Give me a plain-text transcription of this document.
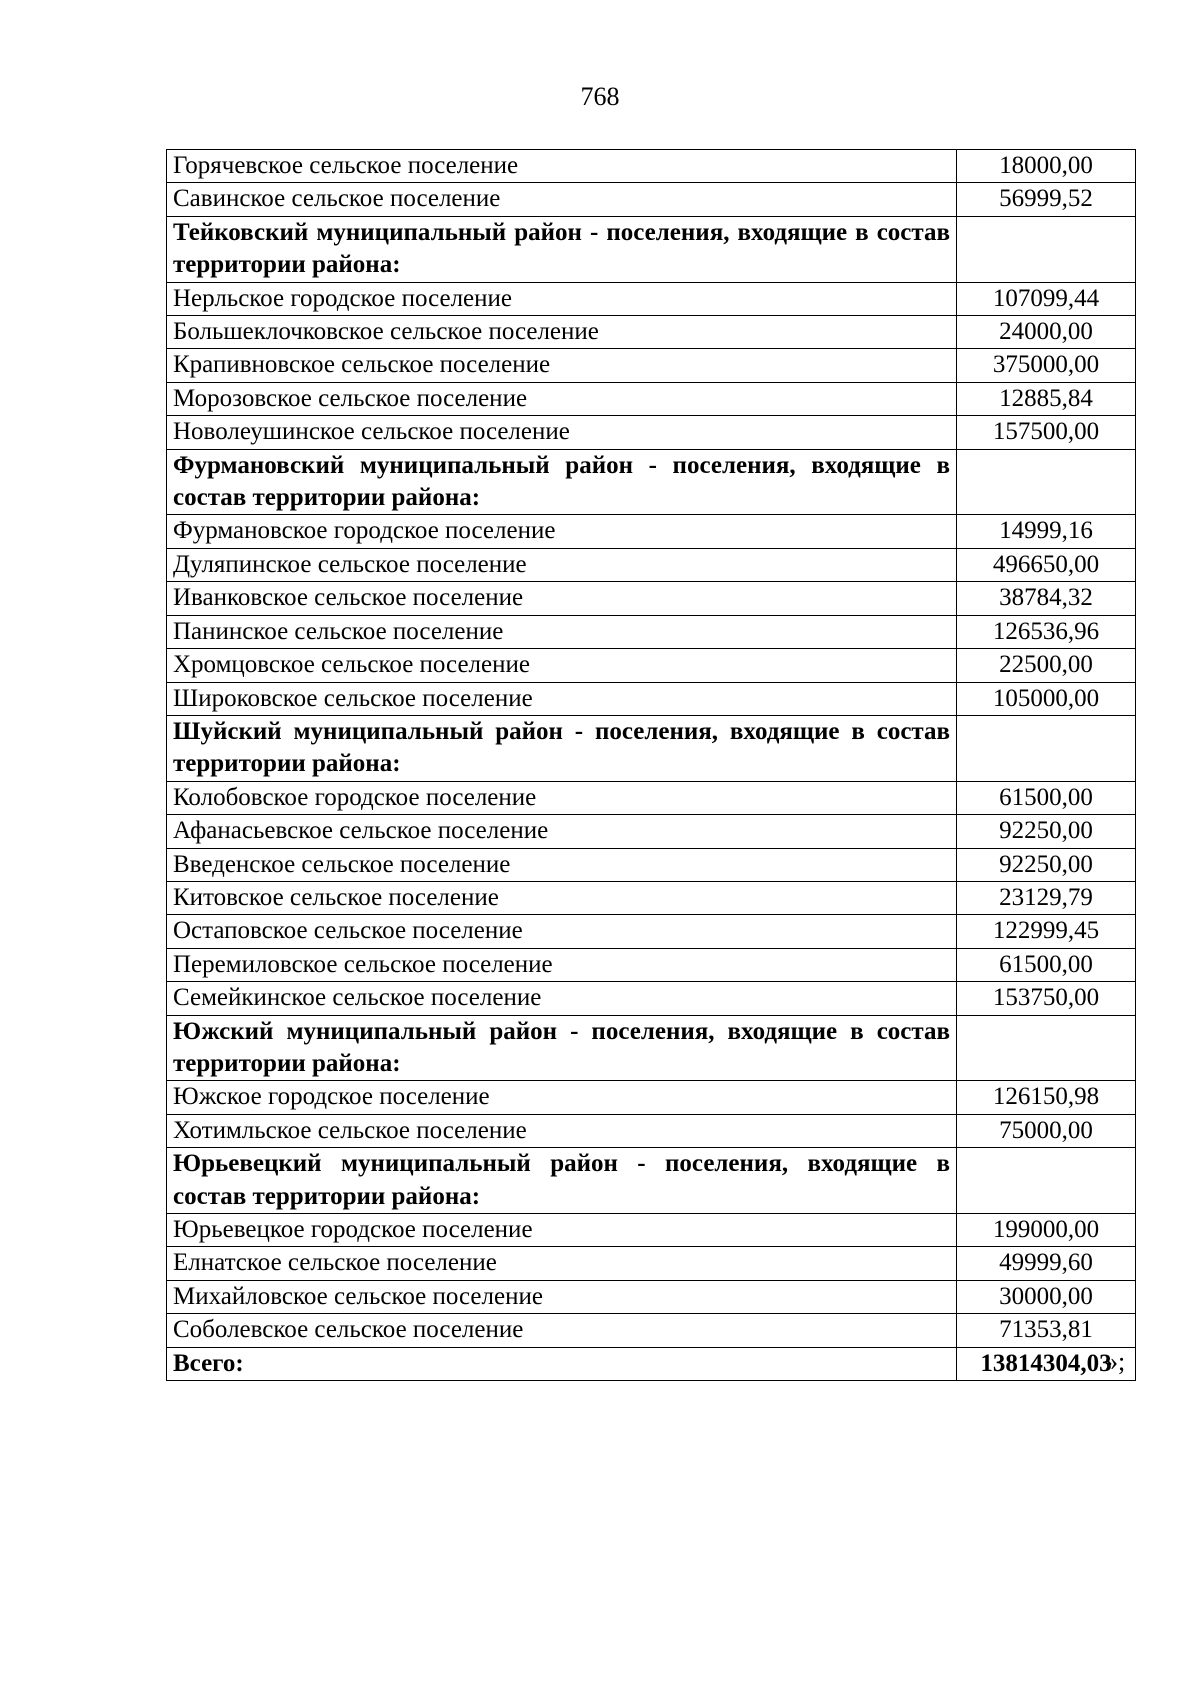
768
Горячевское сельское поселение	18000,00
Савинское сельское поселение	56999,52
Тейковский муниципальный район - поселения, входящие в состав территории района:	
Нерльское городское поселение	107099,44
Большеклочковское сельское поселение	24000,00
Крапивновское сельское поселение	375000,00
Морозовское сельское поселение	12885,84
Новолеушинское сельское поселение	157500,00
Фурмановский муниципальный район - поселения, входящие в состав территории района:	
Фурмановское городское поселение	14999,16
Дуляпинское сельское поселение	496650,00
Иванковское сельское поселение	38784,32
Панинское сельское поселение	126536,96
Хромцовское сельское поселение	22500,00
Широковское сельское поселение	105000,00
Шуйский муниципальный район - поселения, входящие в состав территории района:	
Колобовское городское поселение	61500,00
Афанасьевское сельское поселение	92250,00
Введенское сельское поселение	92250,00
Китовское сельское поселение	23129,79
Остаповское сельское поселение	122999,45
Перемиловское сельское поселение	61500,00
Семейкинское сельское поселение	153750,00
Южский муниципальный район - поселения, входящие в состав территории района:	
Южское городское поселение	126150,98
Хотимльское сельское поселение	75000,00
Юрьевецкий муниципальный район - поселения, входящие в состав территории района:	
Юрьевецкое городское поселение	199000,00
Елнатское сельское поселение	49999,60
Михайловское сельское поселение	30000,00
Соболевское сельское поселение	71353,81
Всего:	13814304,03
»;
